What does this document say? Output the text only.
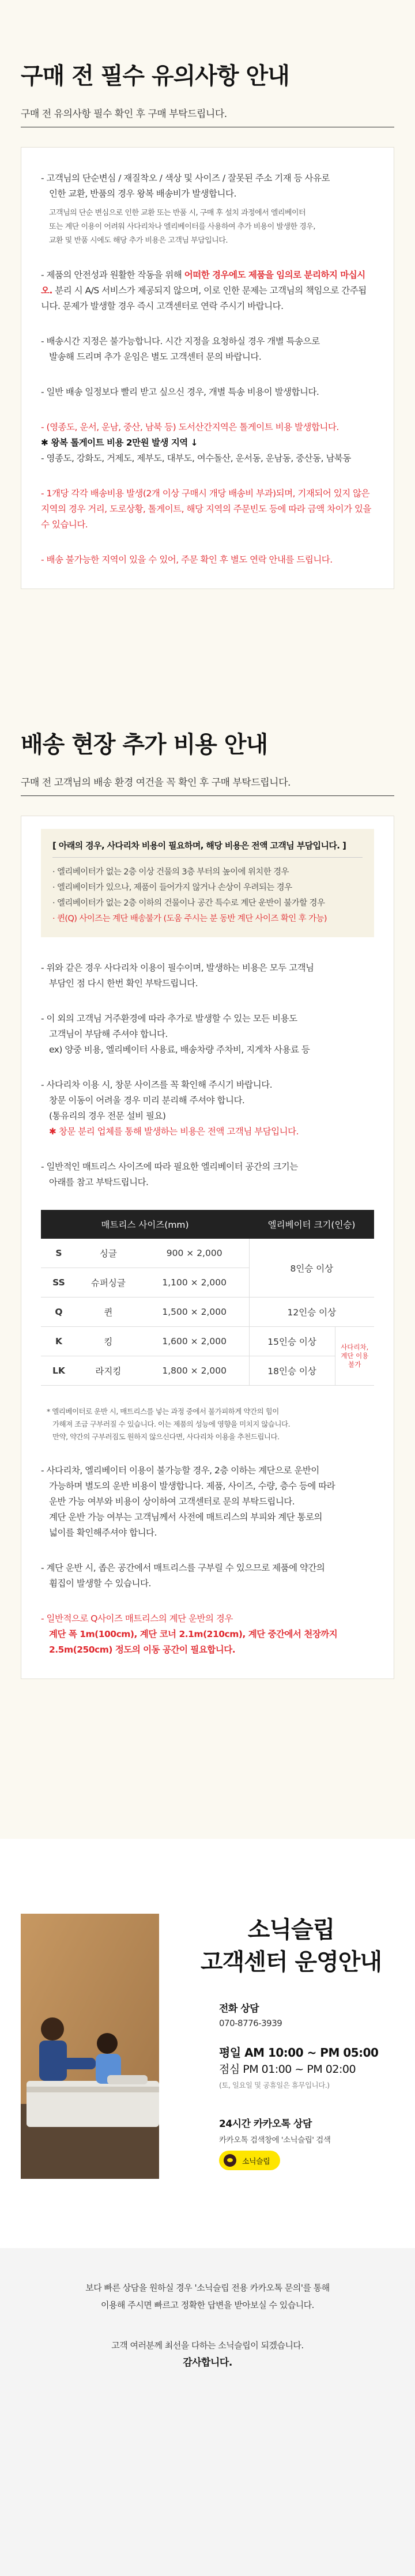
구매 전 필수 유의사항 안내
구매 전 유의사항 필수 확인 후 구매 부탁드립니다.

- 고객님의 단순변심 / 재질착오 / 색상 및 사이즈 / 잘못된 주소 기재 등 사유로

인한 교환, 반품의 경우 왕복 배송비가 발생합니다.

고객님의 단순 변심으로 인한 교환 또는 반품 시, 구매 후 설치 과정에서 엘리베이터

또는 계단 이용이 어려워 사다리차나 엘리베이터를 사용하여 추가 비용이 발생한 경우,

교환 및 반품 시에도 해당 추가 비용은 고객님 부담입니다.

- 제품의 안전성과 원활한 작동을 위해 어떠한 경우에도 제품을 임의로 분리하지 마십시오. 분리 시 A/S 서비스가 제공되지 않으며, 이로 인한 문제는 고객님의 책임으로 간주됩니다. 문제가 발생할 경우 즉시 고객센터로 연락 주시기 바랍니다.

- 배송시간 지정은 불가능합니다. 시간 지정을 요청하실 경우 개별 특송으로

발송해 드리며 추가 운임은 별도 고객센터 문의 바랍니다.

- 일반 배송 일정보다 빨리 받고 싶으신 경우, 개별 특송 비용이 발생합니다.

- (영종도, 운서, 운남, 중산, 남북 등) 도서산간지역은 톨게이트 비용 발생합니다.

✱ 왕복 톨게이트 비용 2만원 발생 지역 ↓

- 영종도, 강화도, 거제도, 제부도, 대부도, 여수돌산, 운서동, 운남동, 중산동, 남북동

- 1개당 각각 배송비용 발생(2개 이상 구매시 개당 배송비 부과)되며, 기재되어 있지 않은 지역의 경우 거리, 도로상황, 톨게이트, 해당 지역의 주문빈도 등에 따라 금액 차이가 있을 수 있습니다.

- 배송 불가능한 지역이 있을 수 있어, 주문 확인 후 별도 연락 안내를 드립니다.

배송 현장 추가 비용 안내
구매 전 고객님의 배송 환경 여건을 꼭 확인 후 구매 부탁드립니다.
[ 아래의 경우, 사다리차 비용이 필요하며, 해당 비용은 전액 고객님 부담입니다. ]

· 엘리베이터가 없는 2층 이상 건물의 3층 부터의 높이에 위치한 경우

· 엘리베이터가 있으나, 제품이 들어가지 않거나 손상이 우려되는 경우

· 엘리베이터가 없는 2층 이하의 건물이나 공간 특수로 계단 운반이 불가할 경우

· 퀸(Q) 사이즈는 계단 배송불가 (도움 주시는 분 동반 계단 사이즈 확인 후 가능)

- 위와 같은 경우 사다리차 이용이 필수이며, 발생하는 비용은 모두 고객님

부담인 점 다시 한번 확인 부탁드립니다.

- 이 외의 고객님 거주환경에 따라 추가로 발생할 수 있는 모든 비용도

고객님이 부담해 주셔야 합니다.

ex) 양중 비용, 엘리베이터 사용료, 배송차량 주차비, 지게차 사용료 등

- 사다리차 이용 시, 창문 사이즈를 꼭 확인해 주시기 바랍니다.

창문 이동이 어려울 경우 미리 분리해 주셔야 합니다.

(통유리의 경우 전문 설비 필요)

✱ 창문 분리 업체를 통해 발생하는 비용은 전액 고객님 부담입니다.

- 일반적인 매트리스 사이즈에 따라 필요한 엘리베이터 공간의 크기는

아래를 참고 부탁드립니다.

매트리스 사이즈(mm)			엘리베이터 크기(인승)	
S	싱글	900 × 2,000	8인승 이상	
SS	슈퍼싱글	1,100 × 2,000		
Q	퀸	1,500 × 2,000	12인승 이상	
K	킹	1,600 × 2,000	15인승 이상	사다리차, 계단 이용불가
LK	라지킹	1,800 × 2,000	18인승 이상	

* 엘리베이터로 운반 시, 매트리스를 넣는 과정 중에서 불가피하게 약간의 힘이

가해져 조금 구부러질 수 있습니다. 이는 제품의 성능에 영향을 미치지 않습니다.

만약, 약간의 구부러짐도 원하지 않으신다면, 사다리차 이용을 추천드립니다.

- 사다리차, 엘리베이터 이용이 불가능할 경우, 2층 이하는 계단으로 운반이

가능하며 별도의 운반 비용이 발생합니다. 제품, 사이즈, 수량, 층수 등에 따라

운반 가능 여부와 비용이 상이하여 고객센터로 문의 부탁드립니다.

계단 운반 가능 여부는 고객님께서 사전에 매트리스의 부피와 계단 통로의

넓이를 확인해주셔야 합니다.

- 계단 운반 시, 좁은 공간에서 매트리스를 구부릴 수 있으므로 제품에 약간의

휨집이 발생할 수 있습니다.

- 일반적으로 Q사이즈 매트리스의 계단 운반의 경우

계단 폭 1m(100cm), 계단 코너 2.1m(210cm), 계단 중간에서 천장까지

2.5m(250cm) 정도의 이동 공간이 필요합니다.

소닉슬립
고객센터 운영안내
전화 상담
070-8776-3939
평일 AM 10:00 ~ PM 05:00
점심 PM 01:00 ~ PM 02:00
(토, 일요일 및 공휴일은 휴무입니다.)
24시간 카카오톡 상담
카카오톡 검색창에 '소닉슬립' 검색
소닉슬립

보다 빠른 상담을 원하실 경우 '소닉슬립 전용 카카오톡 문의'를 통해

이용해 주시면 빠르고 정확한 답변을 받아보실 수 있습니다.

고객 여러분께 최선을 다하는 소닉슬립이 되겠습니다.

감사합니다.
